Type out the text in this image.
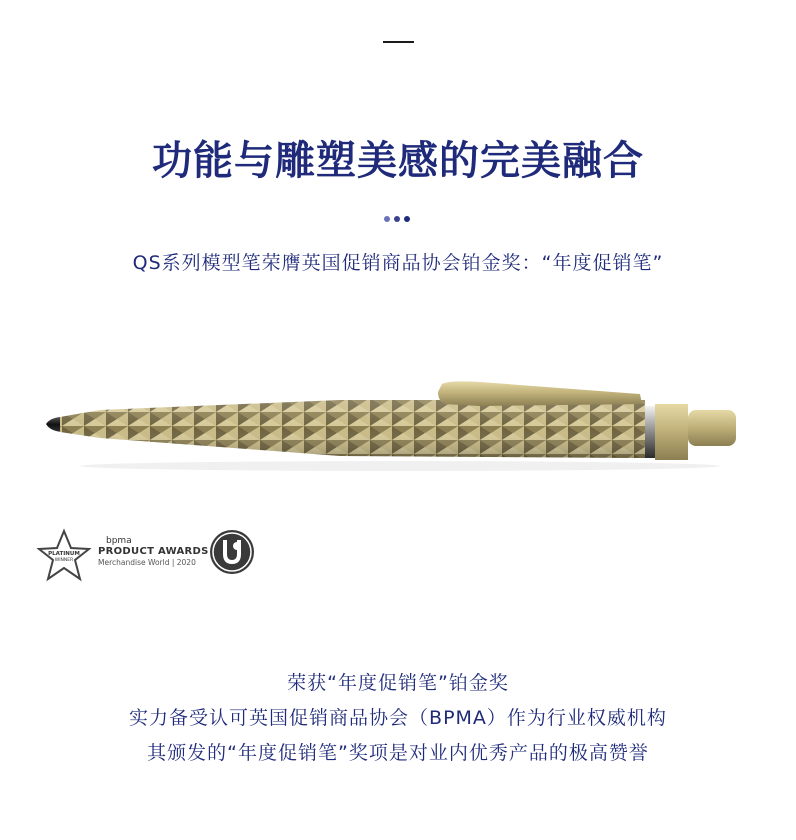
功能与雕塑美感的完美融合
QS系列模型笔荣膺英国促销商品协会铂金奖：“年度促销笔”
PLATINUM
WINNER
bpma
PRODUCT AWARDS
Merchandise World | 2020
荣获“年度促销笔”铂金奖
实力备受认可英国促销商品协会（BPMA）作为行业权威机构
其颁发的“年度促销笔”奖项是对业内优秀产品的极高赞誉
